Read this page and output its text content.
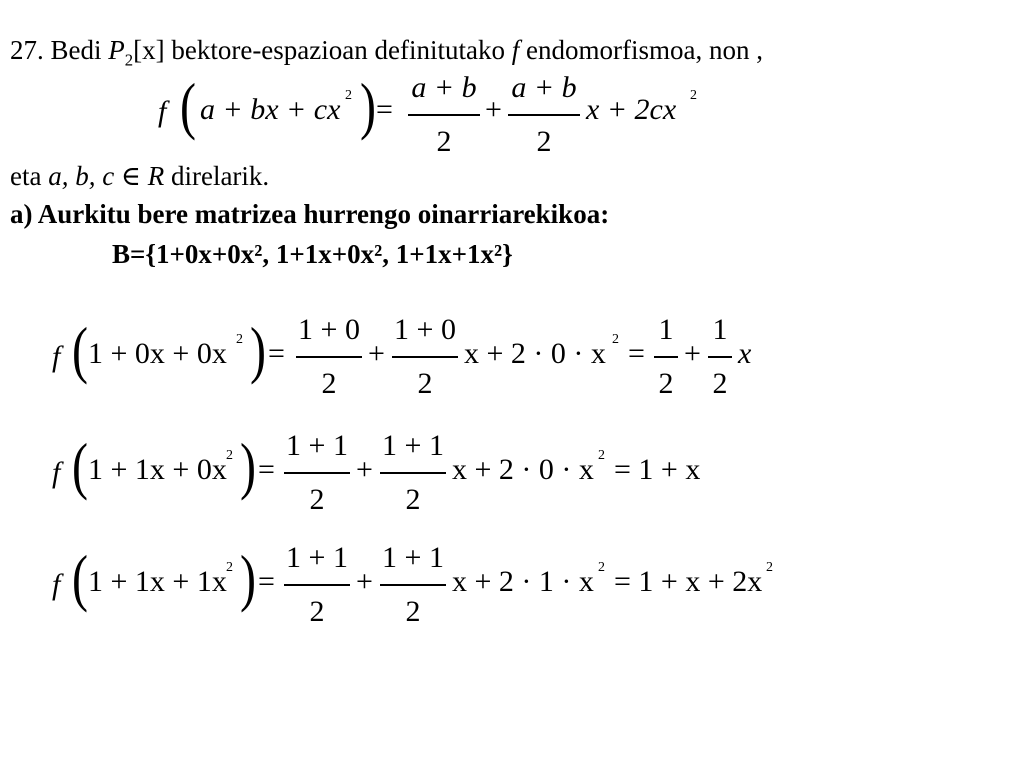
27. Bedi $P_2[x]$ bektore-espazioan definitutako f endomorfismoa, non ,
f ( a + bx + cx 2 ) =
a + b
2
+
a + b
2
x + 2cx 2
eta a, b, c ∈ R direlarik.
a) Aurkitu bere matrizea hurrengo oinarriarekikoa:
B={1+0x+0x², 1+1x+0x², 1+1x+1x²}
f ( 1 + 0x + 0x 2 ) =
1 + 0
2
+
1 + 0
2
x + 2 · 0 · x 2 =
1
2
+
1
2
x
f ( 1 + 1x + 0x 2 ) =
1 + 1
2
+
1 + 1
2
x + 2 · 0 · x 2 = 1 + x
f ( 1 + 1x + 1x 2 ) =
1 + 1
2
+
1 + 1
2
x + 2 · 1 · x 2 = 1 + x + 2x 2
